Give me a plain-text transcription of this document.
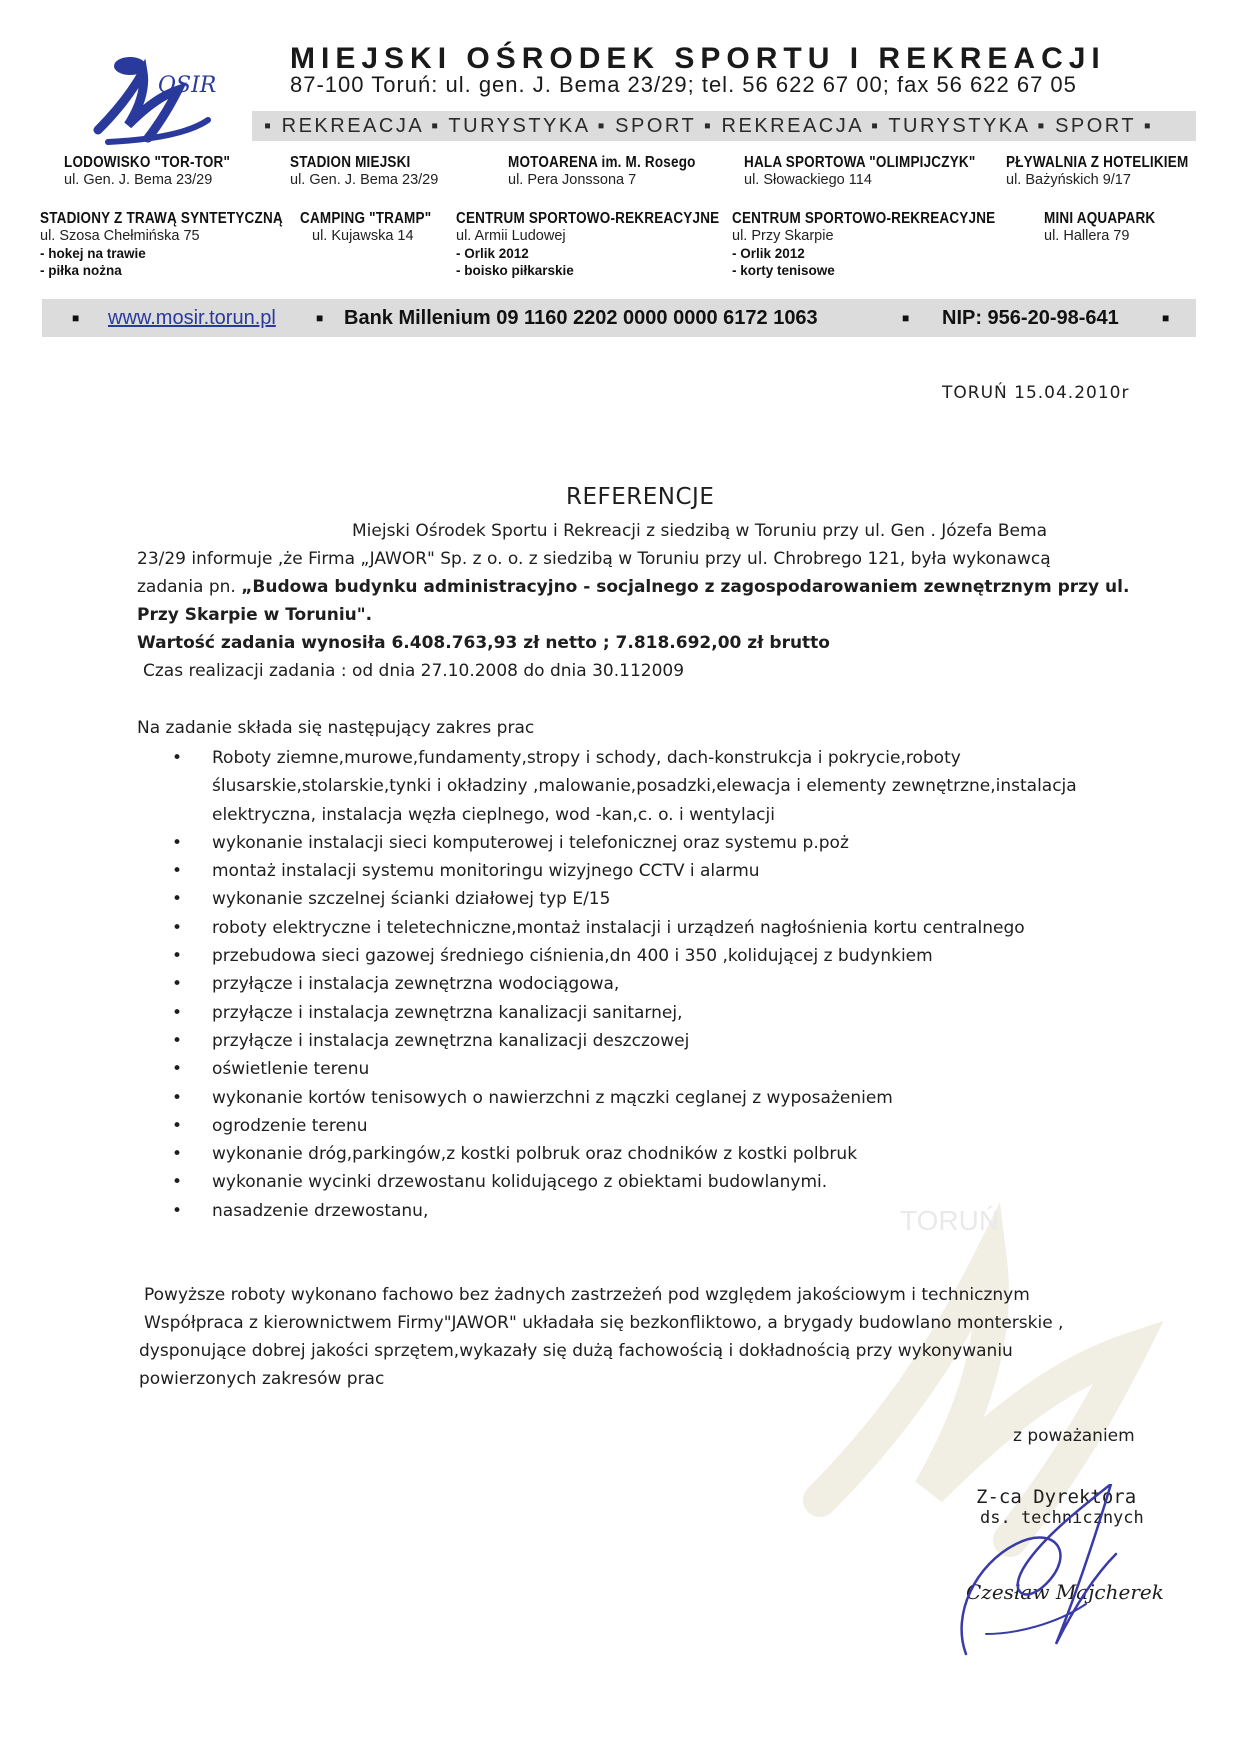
OSIR
MIEJSKI OŚRODEK SPORTU I REKREACJI
87-100 Toruń: ul. gen. J. Bema 23/29; tel. 56 622 67 00; fax 56 622 67 05
▪ REKREACJA ▪ TURYSTYKA ▪ SPORT ▪ REKREACJA ▪ TURYSTYKA ▪ SPORT ▪
LODOWISKO "TOR-TOR"
ul. Gen. J. Bema 23/29
STADION MIEJSKI
ul. Gen. J. Bema 23/29
MOTOARENA im. M. Rosego
ul. Pera Jonssona 7
HALA SPORTOWA "OLIMPIJCZYK"
ul. Słowackiego 114
PŁYWALNIA Z HOTELIKIEM
ul. Bażyńskich 9/17
STADIONY Z TRAWĄ SYNTETYCZNĄ
ul. Szosa Chełmińska 75
- hokej na trawie
- piłka nożna
CAMPING "TRAMP"
ul. Kujawska 14
CENTRUM SPORTOWO-REKREACYJNE
ul. Armii Ludowej
- Orlik 2012
- boisko piłkarskie
CENTRUM SPORTOWO-REKREACYJNE
ul. Przy Skarpie
- Orlik 2012
- korty tenisowe
MINI AQUAPARK
ul. Hallera 79
■ www.mosir.torun.pl	■ Bank Millenium 09 1160 2202 0000 0000 6172 1063	■ NIP: 956-20-98-641	■
TORUŃ
TORUŃ 15.04.2010r
REFERENCJE
Miejski Ośrodek Sportu i Rekreacji z siedzibą w Toruniu przy ul. Gen . Józefa Bema
23/29 informuje ,że Firma „JAWOR" Sp. z o. o. z siedzibą w Toruniu przy ul. Chrobrego 121, była wykonawcą
zadania pn. „Budowa budynku administracyjno - socjalnego z zagospodarowaniem zewnętrznym przy ul.
Przy Skarpie w Toruniu".
Wartość zadania wynosiła 6.408.763,93 zł netto ; 7.818.692,00 zł brutto
Czas realizacji zadania : od dnia 27.10.2008 do dnia 30.112009
Na zadanie składa się następujący zakres prac
• Roboty ziemne,murowe,fundamenty,stropy i schody, dach-konstrukcja i pokrycie,roboty
ślusarskie,stolarskie,tynki i okładziny ,malowanie,posadzki,elewacja i elementy zewnętrzne,instalacja
elektryczna, instalacja węzła cieplnego, wod -kan,c. o. i wentylacji
• wykonanie instalacji sieci komputerowej i telefonicznej oraz systemu p.poż
• montaż instalacji systemu monitoringu wizyjnego CCTV i alarmu
• wykonanie szczelnej ścianki działowej typ E/15
• roboty elektryczne i teletechniczne,montaż instalacji i urządzeń nagłośnienia kortu centralnego
• przebudowa sieci gazowej średniego ciśnienia,dn 400 i 350 ,kolidującej z budynkiem
• przyłącze i instalacja zewnętrzna wodociągowa,
• przyłącze i instalacja zewnętrzna kanalizacji sanitarnej,
• przyłącze i instalacja zewnętrzna kanalizacji deszczowej
• oświetlenie terenu
• wykonanie kortów tenisowych o nawierzchni z mączki ceglanej z wyposażeniem
• ogrodzenie terenu
• wykonanie dróg,parkingów,z kostki polbruk oraz chodników z kostki polbruk
• wykonanie wycinki drzewostanu kolidującego z obiektami budowlanymi.
• nasadzenie drzewostanu,
Powyższe roboty wykonano fachowo bez żadnych zastrzeżeń pod względem jakościowym i technicznym
Współpraca z kierownictwem Firmy"JAWOR" układała się bezkonfliktowo, a brygady budowlano monterskie ,
dysponujące dobrej jakości sprzętem,wykazały się dużą fachowością i dokładnością przy wykonywaniu
powierzonych zakresów prac
z poważaniem
Z-ca Dyrektora
ds. technicznych
Czesław Majcherek
